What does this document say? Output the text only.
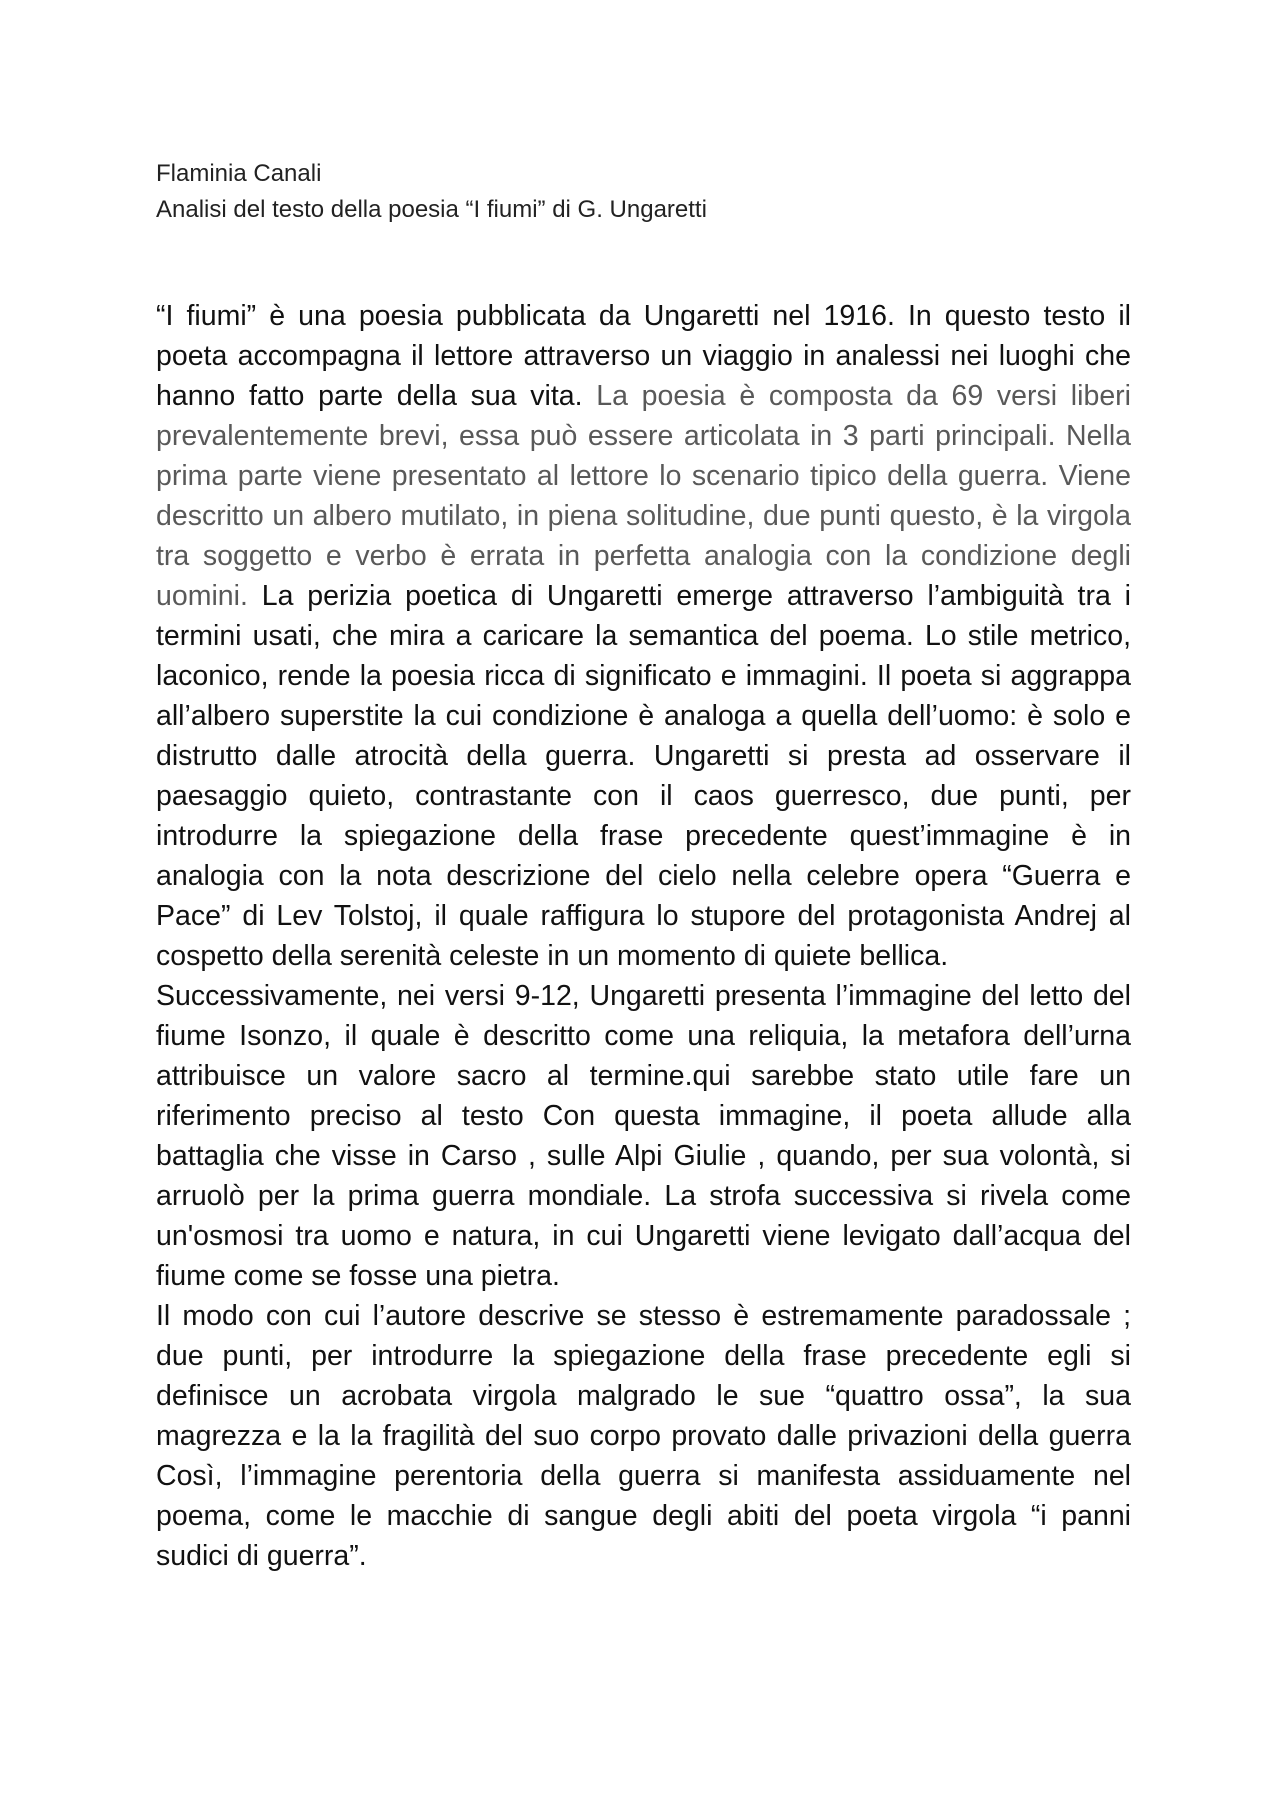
Flaminia Canali
Analisi del testo della poesia “I fiumi” di G. Ungaretti

“I fiumi” è una poesia pubblicata da Ungaretti nel 1916. In questo testo il poeta accompagna il lettore attraverso un viaggio in analessi nei luoghi che hanno fatto parte della sua vita. La poesia è composta da 69 versi liberi prevalentemente brevi, essa può essere articolata in 3 parti principali. Nella prima parte viene presentato al lettore lo scenario tipico della guerra. Viene descritto un albero mutilato, in piena solitudine, due punti questo, è la virgola tra soggetto e verbo è errata in perfetta analogia con la condizione degli uomini. La perizia poetica di Ungaretti emerge attraverso l’ambiguità tra i termini usati, che mira a caricare la semantica del poema. Lo stile metrico, laconico, rende la poesia ricca di significato e immagini. Il poeta si aggrappa all’albero superstite la cui condizione è analoga a quella dell’uomo: è solo e distrutto dalle atrocità della guerra. Ungaretti si presta ad osservare il paesaggio quieto, contrastante con il caos guerresco, due punti, per introdurre la spiegazione della frase precedente quest’immagine è in analogia con la nota descrizione del cielo nella celebre opera “Guerra e Pace” di Lev Tolstoj, il quale raffigura lo stupore del protagonista Andrej al cospetto della serenità celeste in un momento di quiete bellica.

Successivamente, nei versi 9-12, Ungaretti presenta l’immagine del letto del fiume Isonzo, il quale è descritto come una reliquia, la metafora dell’urna attribuisce un valore sacro al termine.qui sarebbe stato utile fare un riferimento preciso al testo Con questa immagine, il poeta allude alla battaglia che visse in Carso , sulle Alpi Giulie , quando, per sua volontà, si arruolò per la prima guerra mondiale. La strofa successiva si rivela come un'osmosi tra uomo e natura, in cui Ungaretti viene levigato dall’acqua del fiume come se fosse una pietra.

Il modo con cui l’autore descrive se stesso è estremamente paradossale ; due punti, per introdurre la spiegazione della frase precedente egli si definisce un acrobata virgola malgrado le sue “quattro ossa”, la sua magrezza e la la fragilità del suo corpo provato dalle privazioni della guerra Così, l’immagine perentoria della guerra si manifesta assiduamente nel poema, come le macchie di sangue degli abiti del poeta virgola “i panni sudici di guerra”.
